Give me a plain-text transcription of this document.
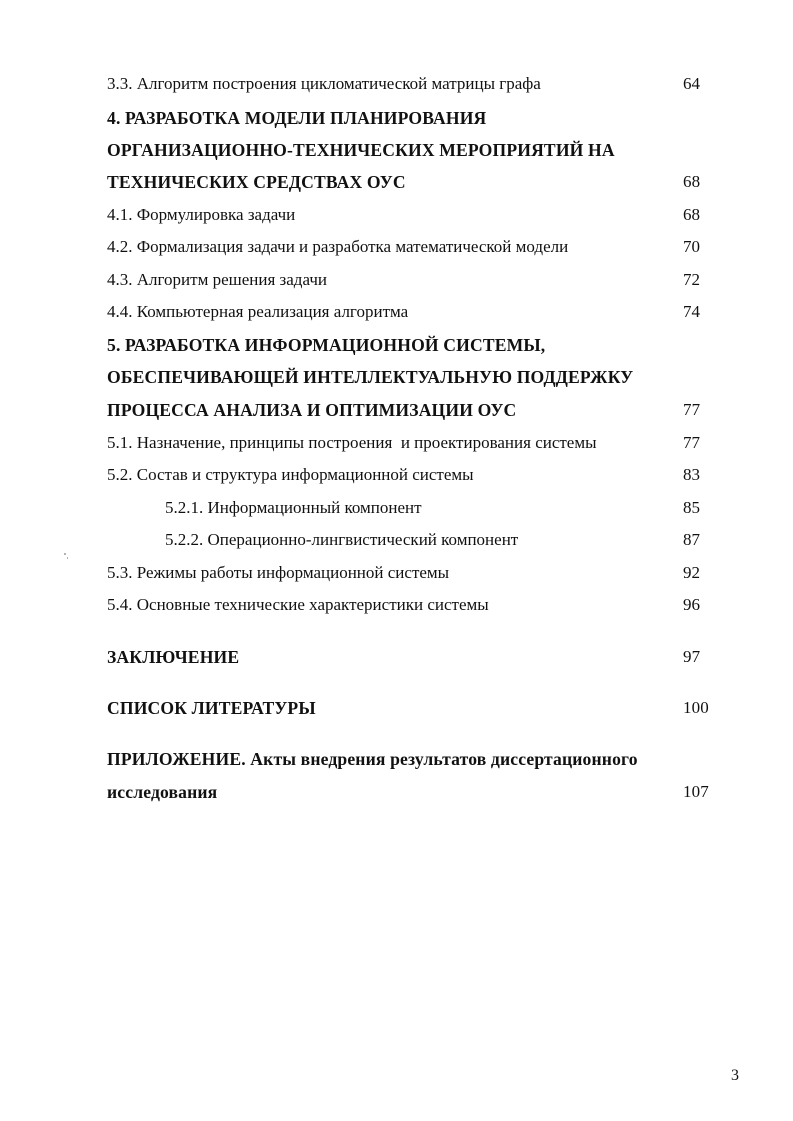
3.3. Алгоритм построения цикломатической матрицы графа	64
4. РАЗРАБОТКА МОДЕЛИ ПЛАНИРОВАНИЯ
ОРГАНИЗАЦИОННО-ТЕХНИЧЕСКИХ МЕРОПРИЯТИЙ НА
ТЕХНИЧЕСКИХ СРЕДСТВАХ ОУС	68
4.1. Формулировка задачи	68
4.2. Формализация задачи и разработка математической модели	70
4.3. Алгоритм решения задачи	72
4.4. Компьютерная реализация алгоритма	74
5. РАЗРАБОТКА ИНФОРМАЦИОННОЙ СИСТЕМЫ,
ОБЕСПЕЧИВАЮЩЕЙ ИНТЕЛЛЕКТУАЛЬНУЮ ПОДДЕРЖКУ
ПРОЦЕССА АНАЛИЗА И ОПТИМИЗАЦИИ ОУС	77
5.1. Назначение, принципы построения  и проектирования системы	77
5.2. Состав и структура информационной системы	83
5.2.1. Информационный компонент	85
5.2.2. Операционно-лингвистический компонент	87
5.3. Режимы работы информационной системы	92
5.4. Основные технические характеристики системы	96
ЗАКЛЮЧЕНИЕ	97
СПИСОК ЛИТЕРАТУРЫ	100
ПРИЛОЖЕНИЕ. Акты внедрения результатов диссертационного
исследования	107
3
